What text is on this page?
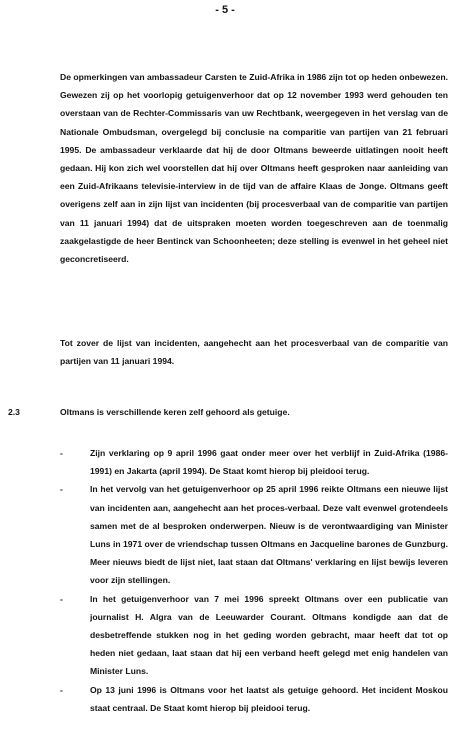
- 5 -

De opmerkingen van ambassadeur Carsten te Zuid-Afrika in 1986 zijn tot op heden onbewezen. Gewezen zij op het voorlopig getuigenverhoor dat op 12 november 1993 werd gehouden ten overstaan van de Rechter-Commissaris van uw Rechtbank, weergegeven in het verslag van de Nationale Ombudsman, overgelegd bij conclusie na comparitie van partijen van 21 februari 1995. De ambassadeur verklaarde dat hij de door Oltmans beweerde uitlatingen nooit heeft gedaan. Hij kon zich wel voorstellen dat hij over Oltmans heeft gesproken naar aanleiding van een Zuid-Afrikaans televisie-interview in de tijd van de affaire Klaas de Jonge. Oltmans geeft overigens zelf aan in zijn lijst van incidenten (bij procesverbaal van de comparitie van partijen van 11 januari 1994) dat de uitspraken moeten worden toegeschreven aan de toenmalig zaakgelastigde de heer Bentinck van Schoonheeten; deze stelling is evenwel in het geheel niet geconcretiseerd.

Tot zover de lijst van incidenten, aangehecht aan het procesverbaal van de comparitie van partijen van 11 januari 1994.

2.3	Oltmans is verschillende keren zelf gehoord als getuige.
-	Zijn verklaring op 9 april 1996 gaat onder meer over het verblijf in Zuid-Afrika (1986-1991) en Jakarta (april 1994). De Staat komt hierop bij pleidooi terug.
-	In het vervolg van het getuigenverhoor op 25 april 1996 reikte Oltmans een nieuwe lijst van incidenten aan, aangehecht aan het proces-verbaal. Deze valt evenwel grotendeels samen met de al besproken onderwerpen. Nieuw is de verontwaardiging van Minister Luns in 1971 over de vriendschap tussen Oltmans en Jacqueline barones de Gunzburg. Meer nieuws biedt de lijst niet, laat staan dat Oltmans' verklaring en lijst bewijs leveren voor zijn stellingen.
-	In het getuigenverhoor van 7 mei 1996 spreekt Oltmans over een publicatie van journalist H. Algra van de Leeuwarder Courant. Oltmans kondigde aan dat de desbetreffende stukken nog in het geding worden gebracht, maar heeft dat tot op heden niet gedaan, laat staan dat hij een verband heeft gelegd met enig handelen van Minister Luns.
-	Op 13 juni 1996 is Oltmans voor het laatst als getuige gehoord. Het incident Moskou staat centraal. De Staat komt hierop bij pleidooi terug.
